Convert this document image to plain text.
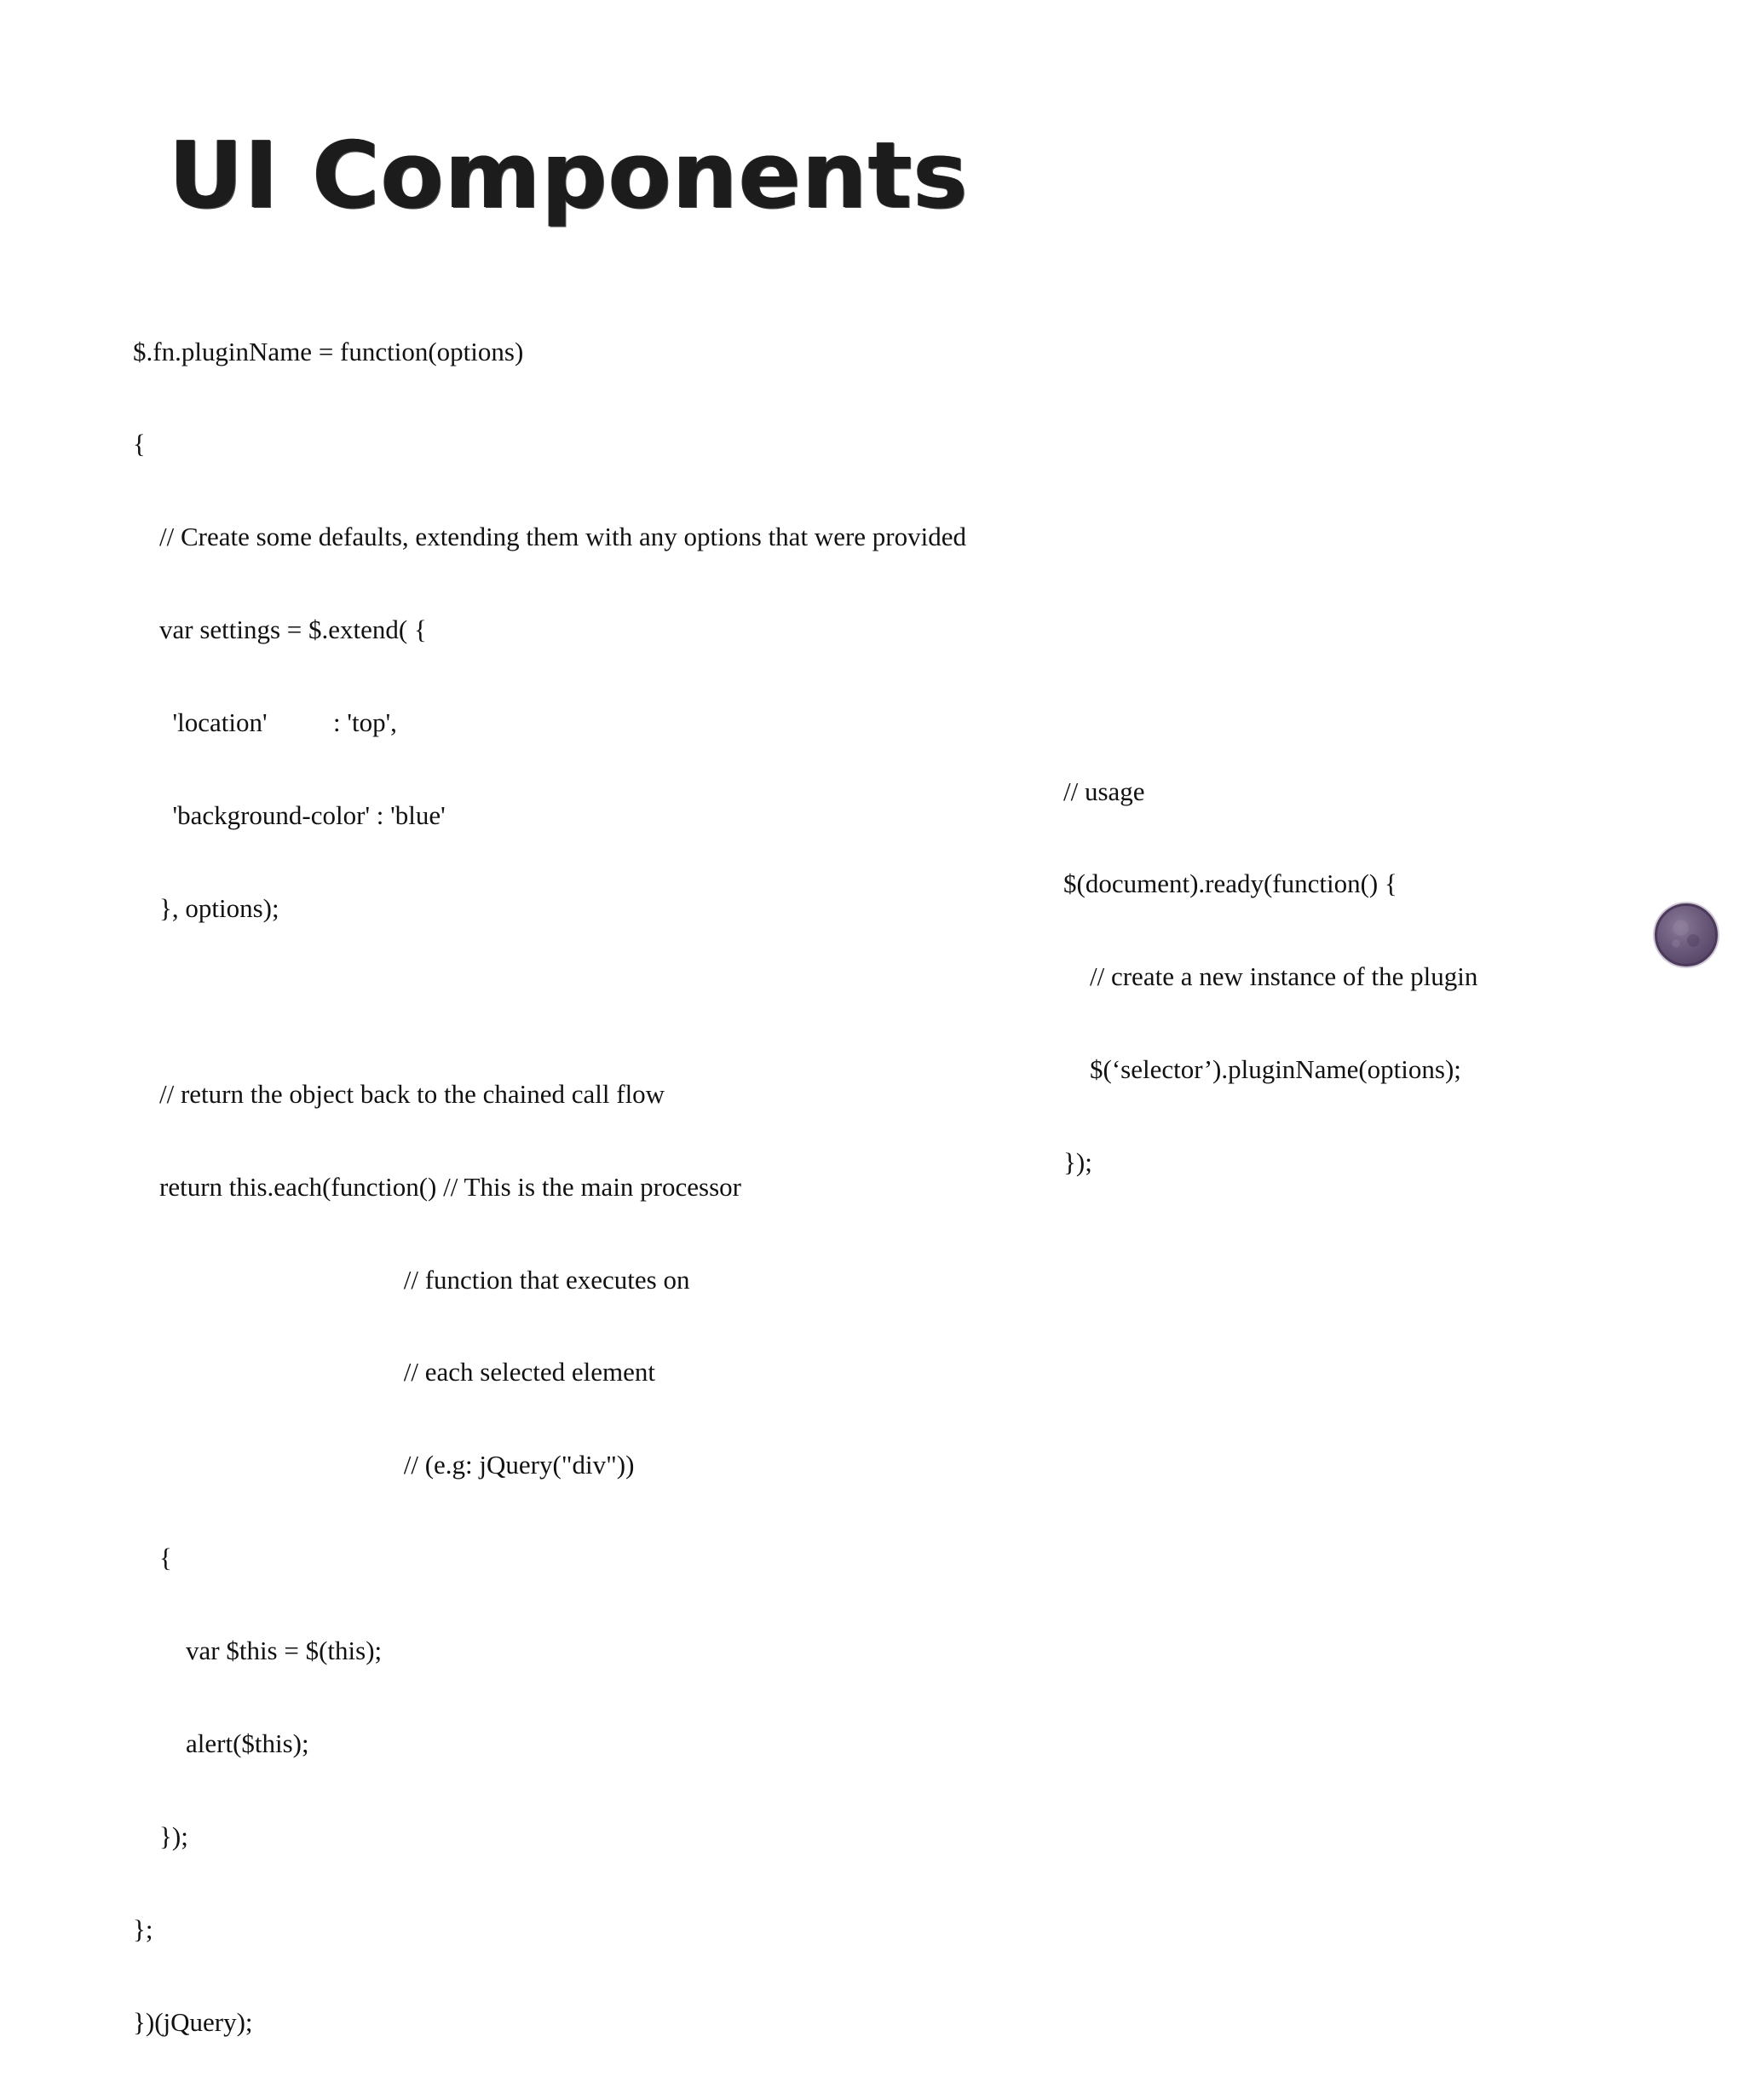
UI Components

$.fn.pluginName = function(options)

{

// Create some defaults, extending them with any options that were provided

var settings = $.extend( {

'location'          : 'top',

'background-color' : 'blue'

}, options);

// return the object back to the chained call flow

return this.each(function() // This is the main processor

// function that executes on

// each selected element

// (e.g: jQuery("div"))

{

var $this = $(this);

alert($this);

});

};

})(jQuery);

// usage

$(document).ready(function() {

// create a new instance of the plugin

$(‘selector’).pluginName(options);

});
